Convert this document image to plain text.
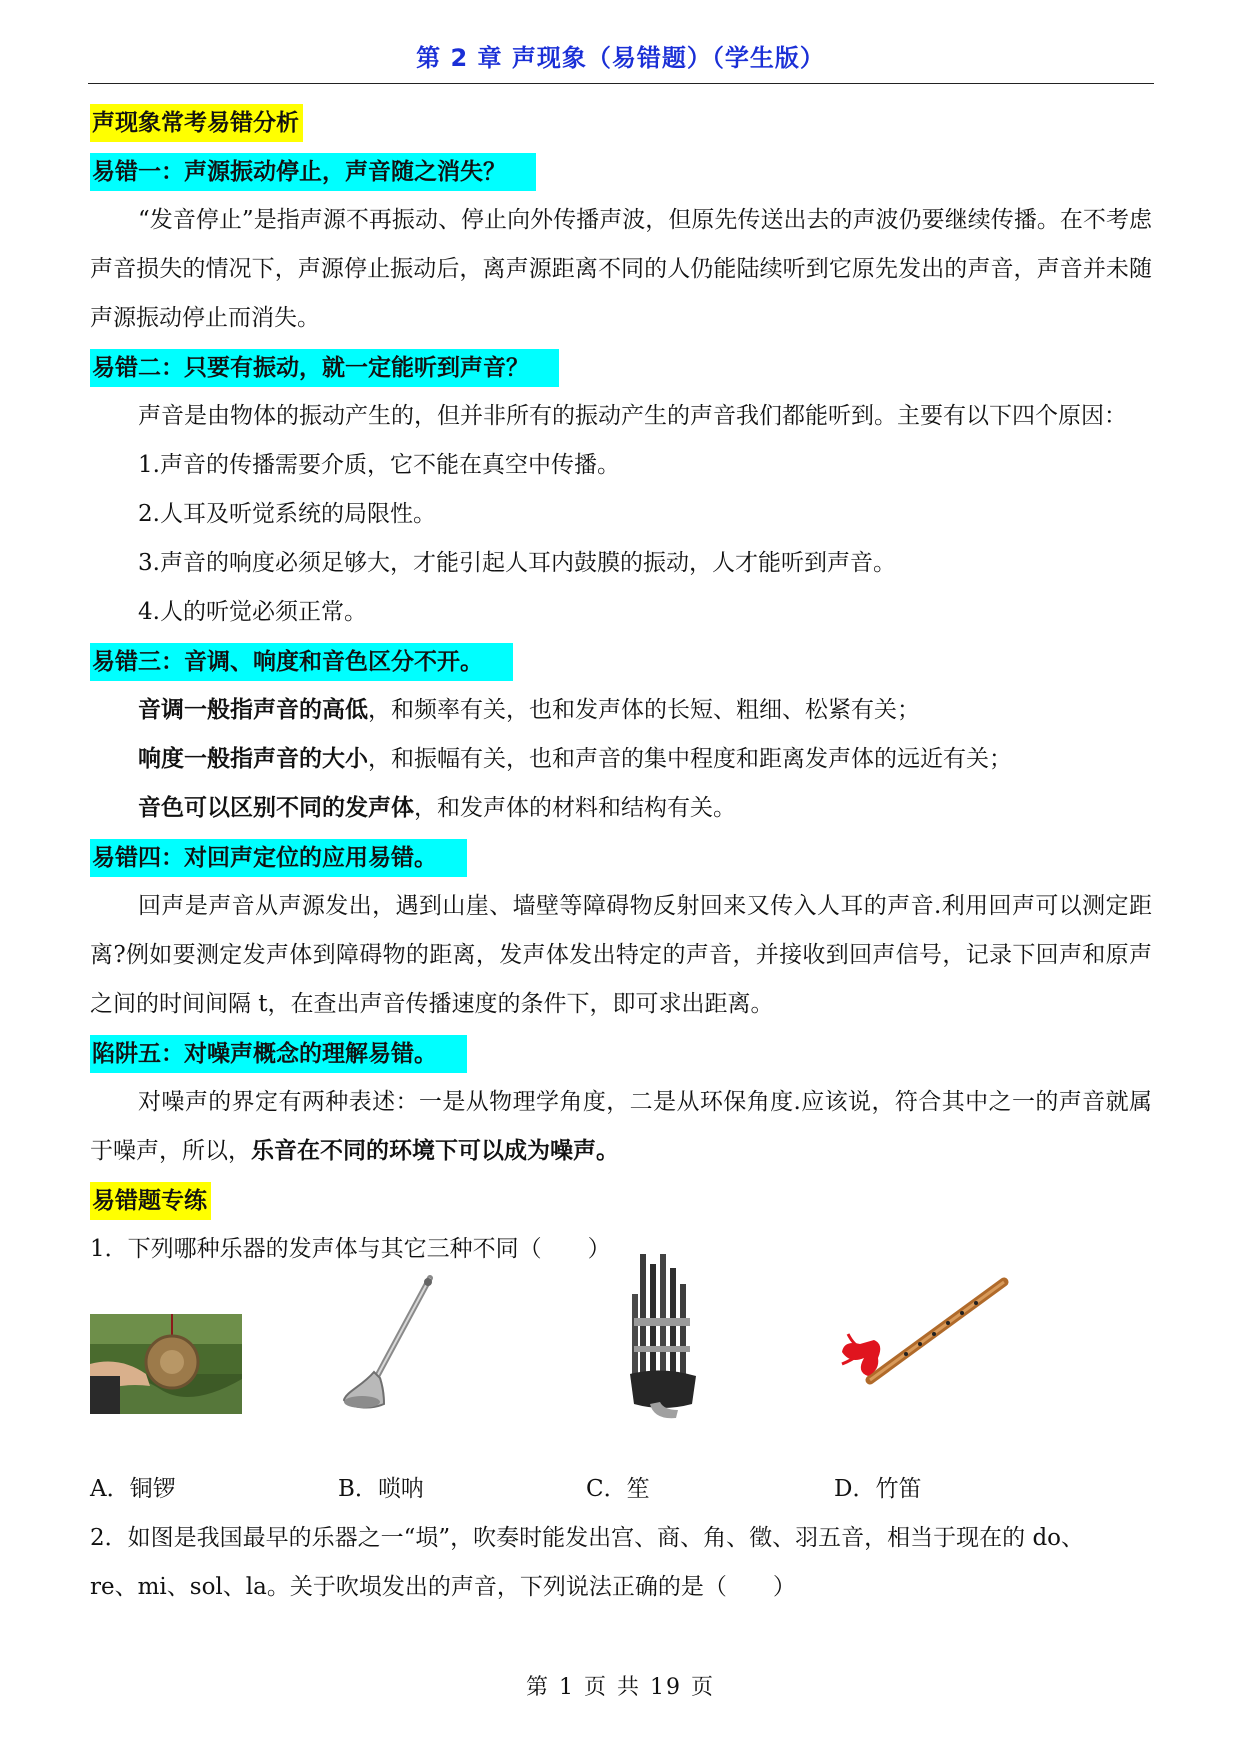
第 2 章 声现象（易错题）（学生版）
声现象常考易错分析
易错一：声源振动停止，声音随之消失？

“发音停止”是指声源不再振动、停止向外传播声波，但原先传送出去的声波仍要继续传播。在不考虑声音损失的情况下，声源停止振动后，离声源距离不同的人仍能陆续听到它原先发出的声音，声音并未随声源振动停止而消失。

易错二：只要有振动，就一定能听到声音？

声音是由物体的振动产生的，但并非所有的振动产生的声音我们都能听到。主要有以下四个原因：

1.声音的传播需要介质，它不能在真空中传播。
2.人耳及听觉系统的局限性。
3.声音的响度必须足够大，才能引起人耳内鼓膜的振动，人才能听到声音。
4.人的听觉必须正常。
易错三：音调、响度和音色区分不开。
音调一般指声音的高低，和频率有关，也和发声体的长短、粗细、松紧有关；
响度一般指声音的大小，和振幅有关，也和声音的集中程度和距离发声体的远近有关；
音色可以区别不同的发声体，和发声体的材料和结构有关。
易错四：对回声定位的应用易错。

回声是声音从声源发出，遇到山崖、墙壁等障碍物反射回来又传入人耳的声音.利用回声可以测定距离?例如要测定发声体到障碍物的距离，发声体发出特定的声音，并接收到回声信号，记录下回声和原声之间的时间间隔 t，在查出声音传播速度的条件下，即可求出距离。

陷阱五：对噪声概念的理解易错。

对噪声的界定有两种表述：一是从物理学角度，二是从环保角度.应该说，符合其中之一的声音就属于噪声，所以，乐音在不同的环境下可以成为噪声。

易错题专练
1．下列哪种乐器的发声体与其它三种不同（　　）
A．铜锣	B．唢呐	C．笙	D．竹笛
2．如图是我国最早的乐器之一“埙”，吹奏时能发出宫、商、角、徵、羽五音，相当于现在的 do、
re、mi、sol、la。关于吹埙发出的声音，下列说法正确的是（　　）
第 1 页 共 19 页
